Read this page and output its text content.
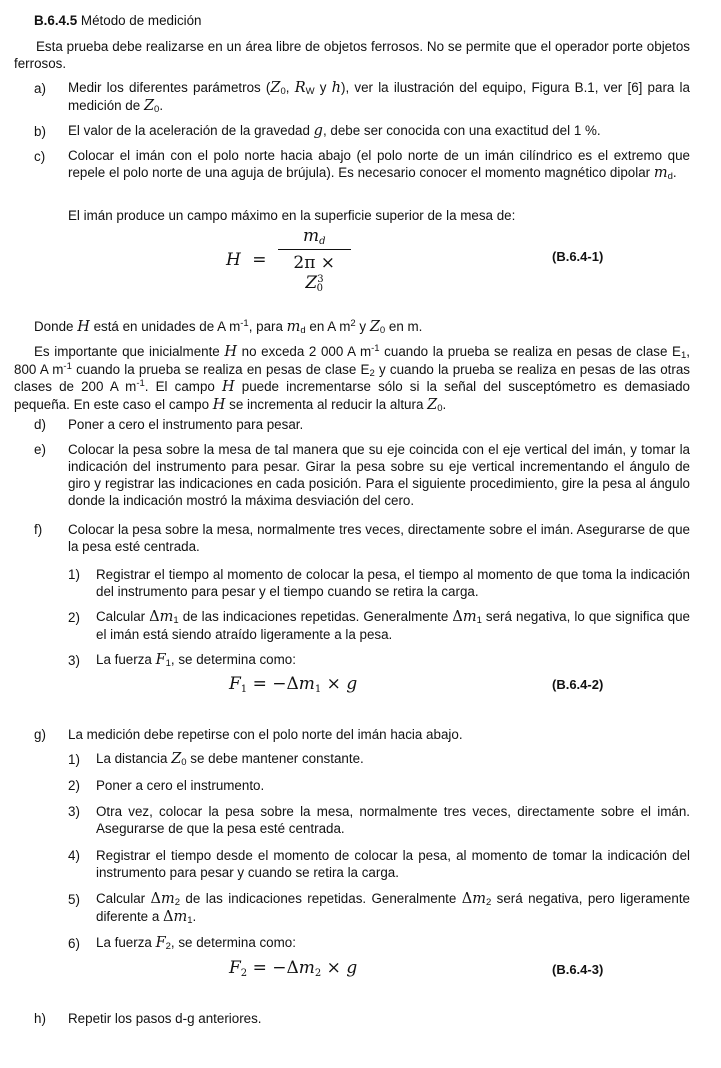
B.6.4.5 Método de medición
Esta prueba debe realizarse en un área libre de objetos ferrosos. No se permite que el operador porte objetos ferrosos.
a) Medir los diferentes parámetros ($Z_0$, $R_W$ y h), ver la ilustración del equipo, Figura B.1, ver [6] para la medición de $Z_0$.
b) El valor de la aceleración de la gravedad g, debe ser conocida con una exactitud del 1 %.
c) Colocar el imán con el polo norte hacia abajo (el polo norte de un imán cilíndrico es el extremo que repele el polo norte de una aguja de brújula). Es necesario conocer el momento magnético dipolar $m_d$.
El imán produce un campo máximo en la superficie superior de la mesa de:
$H = \frac{m_d}{2\pi \times Z^3_0}$	(B.6.4-1)
Donde H está en unidades de A $m^{-1}$, para $m_d$ en A $m^2$ y $Z_0$ en m.
Es importante que inicialmente H no exceda 2 000 A $m^{-1}$ cuando la prueba se realiza en pesas de clase $E_1$, 800 A $m^{-1}$ cuando la prueba se realiza en pesas de clase $E_2$ y cuando la prueba se realiza en pesas de las otras clases de 200 A $m^{-1}$. El campo H puede incrementarse sólo si la señal del susceptómetro es demasiado pequeña. En este caso el campo H se incrementa al reducir la altura $Z_0$.
d) Poner a cero el instrumento para pesar.
e) Colocar la pesa sobre la mesa de tal manera que su eje coincida con el eje vertical del imán, y tomar la indicación del instrumento para pesar. Girar la pesa sobre su eje vertical incrementando el ángulo de giro y registrar las indicaciones en cada posición. Para el siguiente procedimiento, gire la pesa al ángulo donde la indicación mostró la máxima desviación del cero.
f) Colocar la pesa sobre la mesa, normalmente tres veces, directamente sobre el imán. Asegurarse de que la pesa esté centrada.
1) Registrar el tiempo al momento de colocar la pesa, el tiempo al momento de que toma la indicación del instrumento para pesar y el tiempo cuando se retira la carga.
2) Calcular $\Delta m_1$ de las indicaciones repetidas. Generalmente $\Delta m_1$ será negativa, lo que significa que el imán está siendo atraído ligeramente a la pesa.
3) La fuerza $F_1$, se determina como:
$F_1 = -\Delta m_1 \times g$	(B.6.4-2)
g) La medición debe repetirse con el polo norte del imán hacia abajo.
1) La distancia $Z_0$ se debe mantener constante.
2) Poner a cero el instrumento.
3) Otra vez, colocar la pesa sobre la mesa, normalmente tres veces, directamente sobre el imán. Asegurarse de que la pesa esté centrada.
4) Registrar el tiempo desde el momento de colocar la pesa, al momento de tomar la indicación del instrumento para pesar y cuando se retira la carga.
5) Calcular $\Delta m_2$ de las indicaciones repetidas. Generalmente $\Delta m_2$ será negativa, pero ligeramente diferente a $\Delta m_1$.
6) La fuerza $F_2$, se determina como:
$F_2 = -\Delta m_2 \times g$	(B.6.4-3)
h) Repetir los pasos d-g anteriores.
